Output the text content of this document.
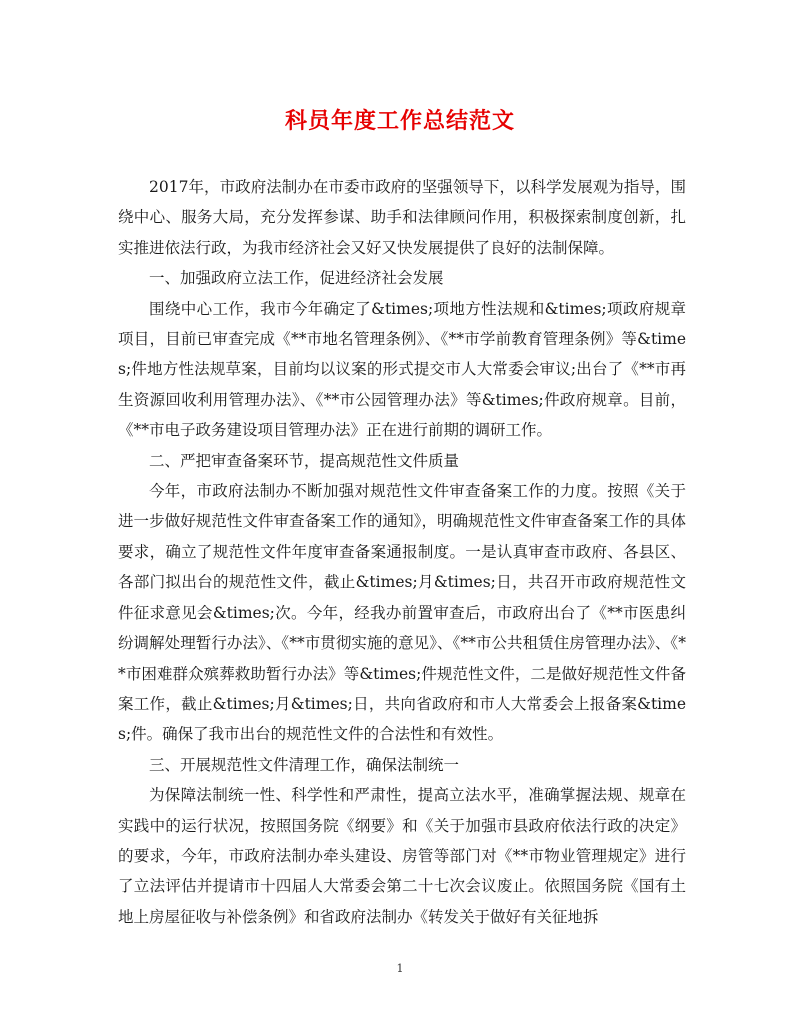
科员年度工作总结范文

2017年，市政府法制办在市委市政府的坚强领导下，以科学发展观为指导，围绕中心、服务大局，充分发挥参谋、助手和法律顾问作用，积极探索制度创新，扎实推进依法行政，为我市经济社会又好又快发展提供了良好的法制保障。

一、加强政府立法工作，促进经济社会发展

围绕中心工作，我市今年确定了&times;项地方性法规和&times;项政府规章项目，目前已审查完成《**市地名管理条例》、《**市学前教育管理条例》等&times;件地方性法规草案，目前均以议案的形式提交市人大常委会审议;出台了《**市再生资源回收利用管理办法》、《**市公园管理办法》等&times;件政府规章。目前，《**市电子政务建设项目管理办法》正在进行前期的调研工作。

二、严把审查备案环节，提高规范性文件质量

今年，市政府法制办不断加强对规范性文件审查备案工作的力度。按照《关于进一步做好规范性文件审查备案工作的通知》，明确规范性文件审查备案工作的具体要求，确立了规范性文件年度审查备案通报制度。一是认真审查市政府、各县区、各部门拟出台的规范性文件，截止&times;月&times;日，共召开市政府规范性文件征求意见会&times;次。今年，经我办前置审查后，市政府出台了《**市医患纠纷调解处理暂行办法》、《**市贯彻实施的意见》、《**市公共租赁住房管理办法》、《**市困难群众殡葬救助暂行办法》等&times;件规范性文件，二是做好规范性文件备案工作，截止&times;月&times;日，共向省政府和市人大常委会上报备案&times;件。确保了我市出台的规范性文件的合法性和有效性。

三、开展规范性文件清理工作，确保法制统一

为保障法制统一性、科学性和严肃性，提高立法水平，准确掌握法规、规章在实践中的运行状况，按照国务院《纲要》和《关于加强市县政府依法行政的决定》的要求，今年，市政府法制办牵头建设、房管等部门对《**市物业管理规定》进行了立法评估并提请市十四届人大常委会第二十七次会议废止。依照国务院《国有土地上房屋征收与补偿条例》和省政府法制办《转发关于做好有关征地拆

1
